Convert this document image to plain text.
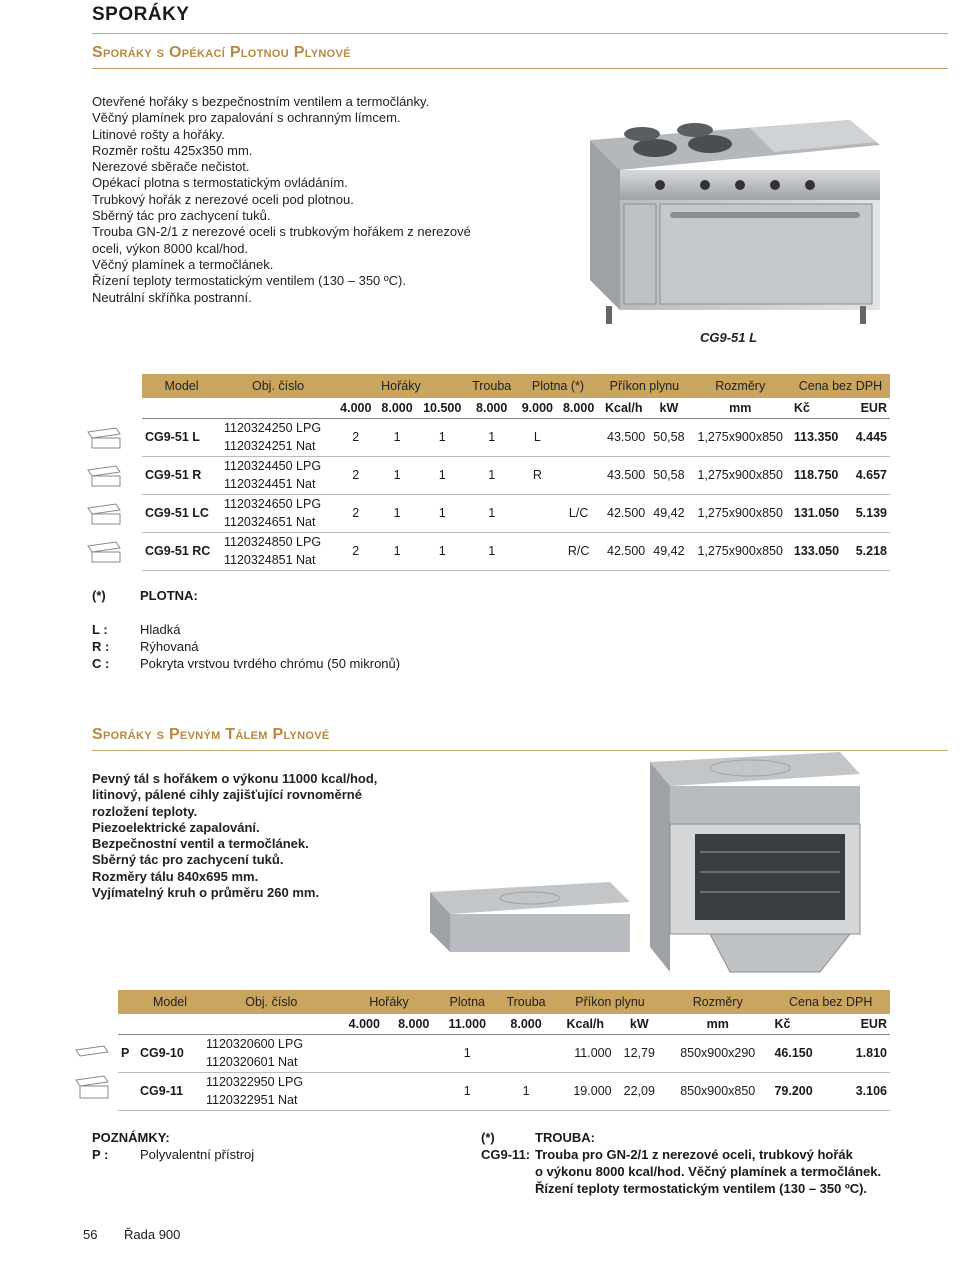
SPORÁKY
Sporáky s Opékací Plotnou Plynové
Otevřené hořáky s bezpečnostním ventilem a termočlánky.
Věčný plamínek pro zapalování s ochranným límcem.
Litinové rošty a hořáky.
Rozměr roštu 425x350 mm.
Nerezové sběrače nečistot.
Opékací plotna s termostatickým ovládáním.
Trubkový hořák z nerezové oceli pod plotnou.
Sběrný tác pro zachycení tuků.
Trouba GN-2/1 z nerezové oceli s trubkovým hořákem z nerezové
oceli, výkon 8000 kcal/hod.
Věčný plamínek a termočlánek.
Řízení teploty termostatickým ventilem (130 – 350 ºC).
Neutrální skříňka postranní.
CG9-51 L
Model	Obj. číslo	Hořáky			Trouba	Plotna (*)		Příkon plynu		Rozměry	Cena bez DPH	
		4.000	8.000	10.500	8.000	9.000	8.000	Kcal/h	kW	mm	Kč	EUR
CG9-51 L	1120324250 LPG
1120324251 Nat	2	1	1	1	L		43.500	50,58	1,275x900x850	113.350	4.445
CG9-51 R	1120324450 LPG
1120324451 Nat	2	1	1	1	R		43.500	50,58	1,275x900x850	118.750	4.657
CG9-51 LC	1120324650 LPG
1120324651 Nat	2	1	1	1		L/C	42.500	49,42	1,275x900x850	131.050	5.139
CG9-51 RC	1120324850 LPG
1120324851 Nat	2	1	1	1		R/C	42.500	49,42	1,275x900x850	133.050	5.218
(*)	PLOTNA:
L :	Hladká
R :	Rýhovaná
C :	Pokryta vrstvou tvrdého chrómu (50 mikronů)
Sporáky s Pevným Tálem Plynové
Pevný tál s hořákem o výkonu 11000 kcal/hod,
litinový, pálené cihly zajišťující rovnoměrné
rozložení teploty.
Piezoelektrické zapalování.
Bezpečnostní ventil a termočlánek.
Sběrný tác pro zachycení tuků.
Rozměry tálu 840x695 mm.
Vyjímatelný kruh o průměru 260 mm.
	Model	Obj. číslo	Hořáky		Plotna	Trouba	Příkon plynu		Rozměry	Cena bez DPH	
			4.000	8.000	11.000	8.000	Kcal/h	kW	mm	Kč	EUR
P	CG9-10	1120320600 LPG
1120320601 Nat			1		11.000	12,79	850x900x290	46.150	1.810
	CG9-11	1120322950 LPG
1120322951 Nat			1	1	19.000	22,09	850x900x850	79.200	3.106
POZNÁMKY:
P : Polyvalentní přístroj
(*)	TROUBA:
CG9-11: Trouba pro GN-2/1 z nerezové oceli, trubkový hořák
o výkonu 8000 kcal/hod. Věčný plamínek a termočlánek.
Řízení teploty termostatickým ventilem (130 – 350 ºC).
56 Řada 900
